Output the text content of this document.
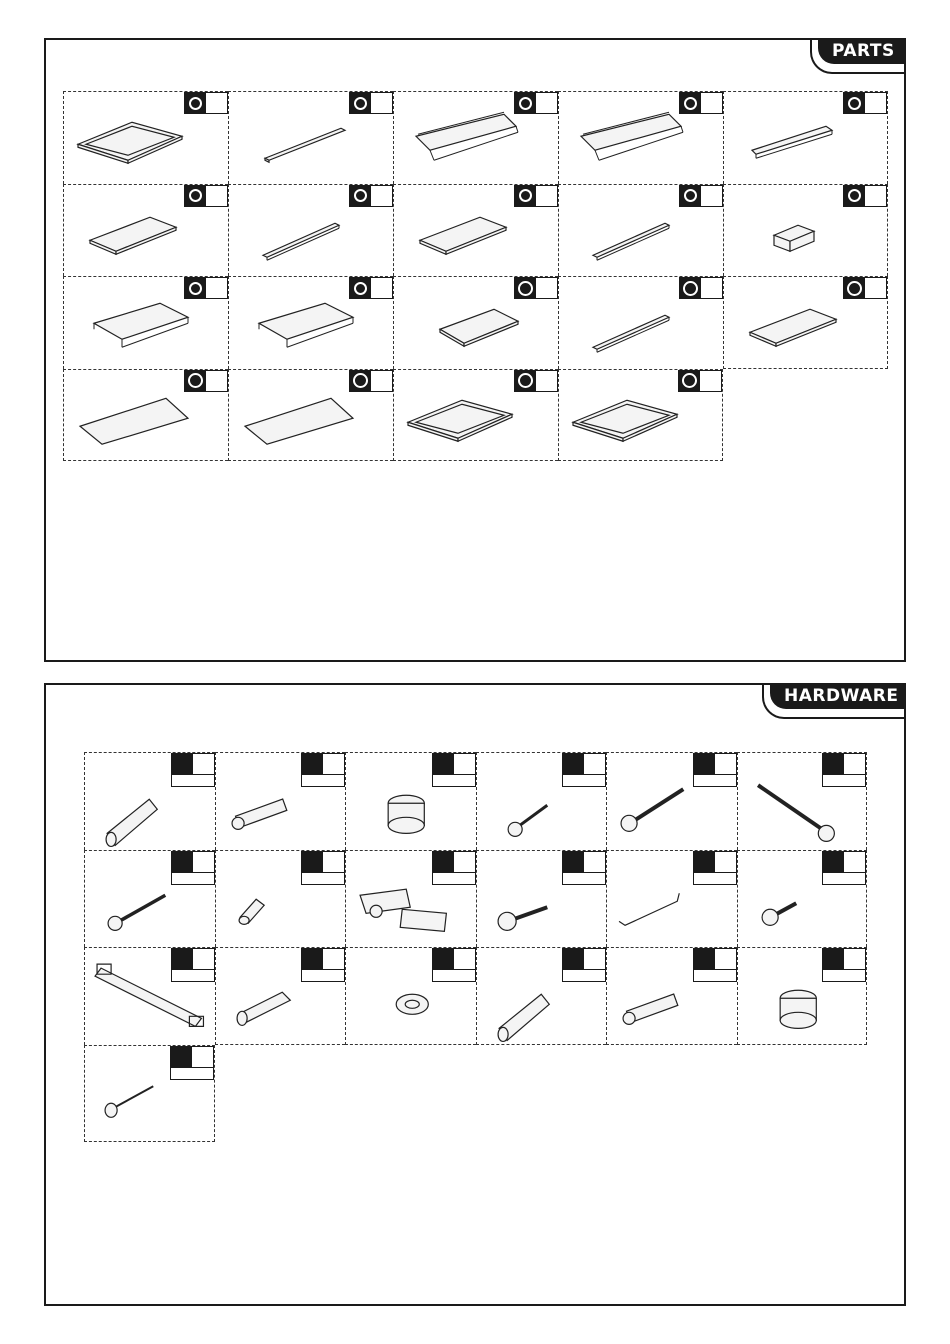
PARTS
HARDWARE
